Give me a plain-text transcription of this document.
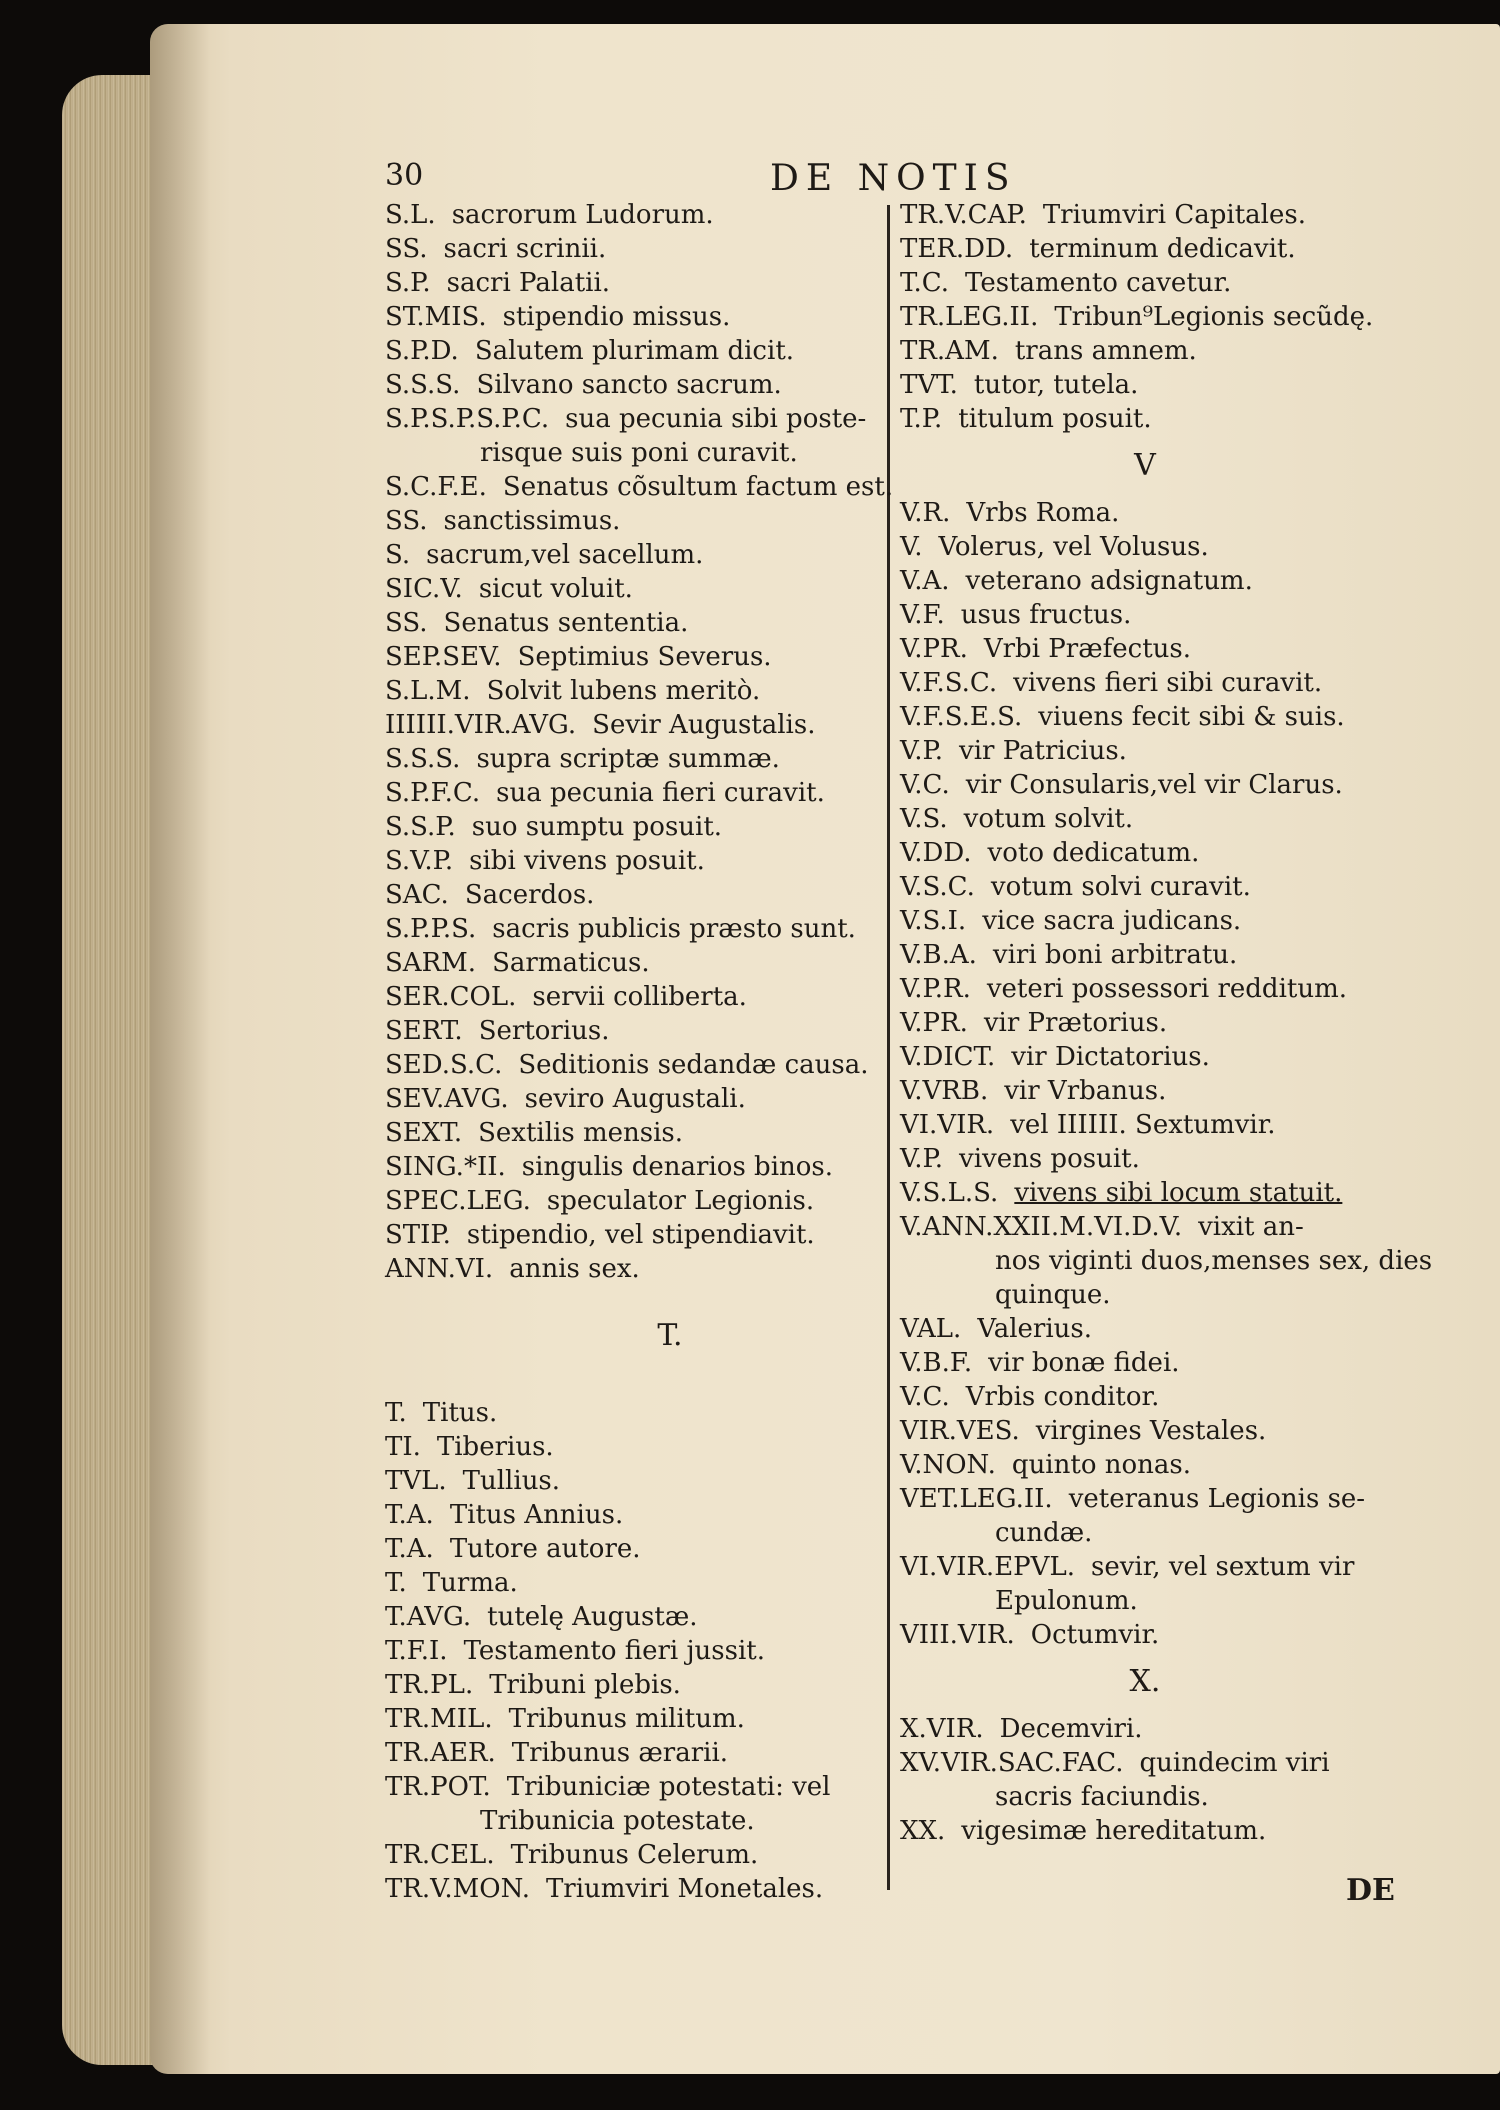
30	DE NOTIS
S.L. sacrorum Ludorum.
SS. sacri scrinii.
S.P. sacri Palatii.
ST.MIS. stipendio missus.
S.P.D. Salutem plurimam dicit.
S.S.S. Silvano sancto sacrum.
S.P.S.P.S.P.C. sua pecunia sibi poste-
risque suis poni curavit.
S.C.F.E. Senatus cõsultum factum est.
SS. sanctissimus.
S. sacrum,vel sacellum.
SIC.V. sicut voluit.
SS. Senatus sententia.
SEP.SEV. Septimius Severus.
S.L.M. Solvit lubens meritò.
IIIIII.VIR.AVG. Sevir Augustalis.
S.S.S. supra scriptæ summæ.
S.P.F.C. sua pecunia fieri curavit.
S.S.P. suo sumptu posuit.
S.V.P. sibi vivens posuit.
SAC. Sacerdos.
S.P.P.S. sacris publicis præsto sunt.
SARM. Sarmaticus.
SER.COL. servii colliberta.
SERT. Sertorius.
SED.S.C. Seditionis sedandæ causa.
SEV.AVG. seviro Augustali.
SEXT. Sextilis mensis.
SING.*II. singulis denarios binos.
SPEC.LEG. speculator Legionis.
STIP. stipendio, vel stipendiavit.
ANN.VI. annis sex.
T.
T. Titus.
TI. Tiberius.
TVL. Tullius.
T.A. Titus Annius.
T.A. Tutore autore.
T. Turma.
T.AVG. tutelę Augustæ.
T.F.I. Testamento fieri jussit.
TR.PL. Tribuni plebis.
TR.MIL. Tribunus militum.
TR.AER. Tribunus ærarii.
TR.POT. Tribuniciæ potestati: vel
Tribunicia potestate.
TR.CEL. Tribunus Celerum.
TR.V.MON. Triumviri Monetales.
TR.V.CAP. Triumviri Capitales.
TER.DD. terminum dedicavit.
T.C. Testamento cavetur.
TR.LEG.II. Tribun⁹Legionis secũdę.
TR.AM. trans amnem.
TVT. tutor, tutela.
T.P. titulum posuit.
V
V.R. Vrbs Roma.
V. Volerus, vel Volusus.
V.A. veterano adsignatum.
V.F. usus fructus.
V.PR. Vrbi Præfectus.
V.F.S.C. vivens fieri sibi curavit.
V.F.S.E.S. viuens fecit sibi & suis.
V.P. vir Patricius.
V.C. vir Consularis,vel vir Clarus.
V.S. votum solvit.
V.DD. voto dedicatum.
V.S.C. votum solvi curavit.
V.S.I. vice sacra judicans.
V.B.A. viri boni arbitratu.
V.P.R. veteri possessori redditum.
V.PR. vir Prætorius.
V.DICT. vir Dictatorius.
V.VRB. vir Vrbanus.
VI.VIR. vel IIIIII. Sextumvir.
V.P. vivens posuit.
V.S.L.S. vivens sibi locum statuit.
V.ANN.XXII.M.VI.D.V. vixit an-
nos viginti duos,menses sex, dies
quinque.
VAL. Valerius.
V.B.F. vir bonæ fidei.
V.C. Vrbis conditor.
VIR.VES. virgines Vestales.
V.NON. quinto nonas.
VET.LEG.II. veteranus Legionis se-
cundæ.
VI.VIR.EPVL. sevir, vel sextum vir
Epulonum.
VIII.VIR. Octumvir.
X.
X.VIR. Decemviri.
XV.VIR.SAC.FAC. quindecim viri
sacris faciundis.
XX. vigesimæ hereditatum.
DE
